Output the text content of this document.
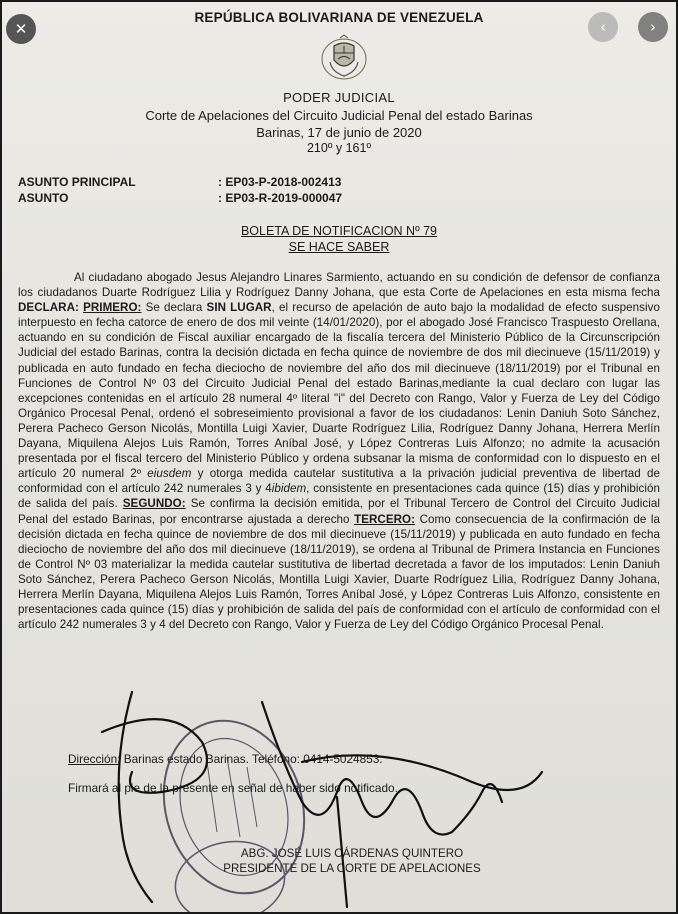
REPÚBLICA BOLIVARIANA DE VENEZUELA
PODER JUDICIAL
Corte de Apelaciones del Circuito Judicial Penal del estado Barinas
Barinas, 17 de junio de 2020
210º y 161º
ASUNTO PRINCIPAL	: EP03-P-2018-002413
ASUNTO	: EP03-R-2019-000047
BOLETA DE NOTIFICACION Nº 79
SE HACE SABER

Al ciudadano abogado Jesus Alejandro Linares Sarmiento, actuando en su condición de defensor de confianza los ciudadanos Duarte Rodríguez Lilia y Rodríguez Danny Johana, que esta Corte de Apelaciones en esta misma fecha DECLARA: PRIMERO: Se declara SIN LUGAR, el recurso de apelación de auto bajo la modalidad de efecto suspensivo interpuesto en fecha catorce de enero de dos mil veinte (14/01/2020), por el abogado José Francisco Traspuesto Orellana, actuando en su condición de Fiscal auxiliar encargado de la fiscalía tercera del Ministerio Público de la Circunscripción Judicial del estado Barinas, contra la decisión dictada en fecha quince de noviembre de dos mil diecinueve (15/11/2019) y publicada en auto fundado en fecha dieciocho de noviembre del año dos mil diecinueve (18/11/2019) por el Tribunal en Funciones de Control Nº 03 del Circuito Judicial Penal del estado Barinas,mediante la cual declaro con lugar las excepciones contenidas en el artículo 28 numeral 4º literal "i" del Decreto con Rango, Valor y Fuerza de Ley del Código Orgánico Procesal Penal, ordenó el sobreseimiento provisional a favor de los ciudadanos: Lenin Daniuh Soto Sánchez, Perera Pacheco Gerson Nicolás, Montilla Luigi Xavier, Duarte Rodríguez Lilia, Rodríguez Danny Johana, Herrera Merlín Dayana, Miquilena Alejos Luis Ramón, Torres Aníbal José, y López Contreras Luis Alfonzo; no admite la acusación presentada por el fiscal tercero del Ministerio Público y ordena subsanar la misma de conformidad con lo dispuesto en el artículo 20 numeral 2º eiusdem y otorga medida cautelar sustitutiva a la privación judicial preventiva de libertad de conformidad con el artículo 242 numerales 3 y 4ibidem, consistente en presentaciones cada quince (15) días y prohibición de salida del país. SEGUNDO: Se confirma la decisión emitida, por el Tribunal Tercero de Control del Circuito Judicial Penal del estado Barinas, por encontrarse ajustada a derecho TERCERO: Como consecuencia de la confirmación de la decisión dictada en fecha quince de noviembre de dos mil diecinueve (15/11/2019) y publicada en auto fundado en fecha dieciocho de noviembre del año dos mil diecinueve (18/11/2019), se ordena al Tribunal de Primera Instancia en Funciones de Control Nº 03 materializar la medida cautelar sustitutiva de libertad decretada a favor de los imputados: Lenin Daniuh Soto Sánchez, Perera Pacheco Gerson Nicolás, Montilla Luigi Xavier, Duarte Rodríguez Lilia, Rodríguez Danny Johana, Herrera Merlín Dayana, Miquilena Alejos Luis Ramón, Torres Aníbal José, y López Contreras Luis Alfonzo, consistente en presentaciones cada quince (15) días y prohibición de salida del país de conformidad con el artículo de conformidad con el artículo 242 numerales 3 y 4 del Decreto con Rango, Valor y Fuerza de Ley del Código Orgánico Procesal Penal.

Dirección: Barinas estado Barinas. Teléfono: 0414-5024853.
Firmará al pie de la presente en señal de haber sido notificado.
ABG. JOSÉ LUIS CÁRDENAS QUINTERO
PRESIDENTE DE LA CORTE DE APELACIONES
✕	‹	›
